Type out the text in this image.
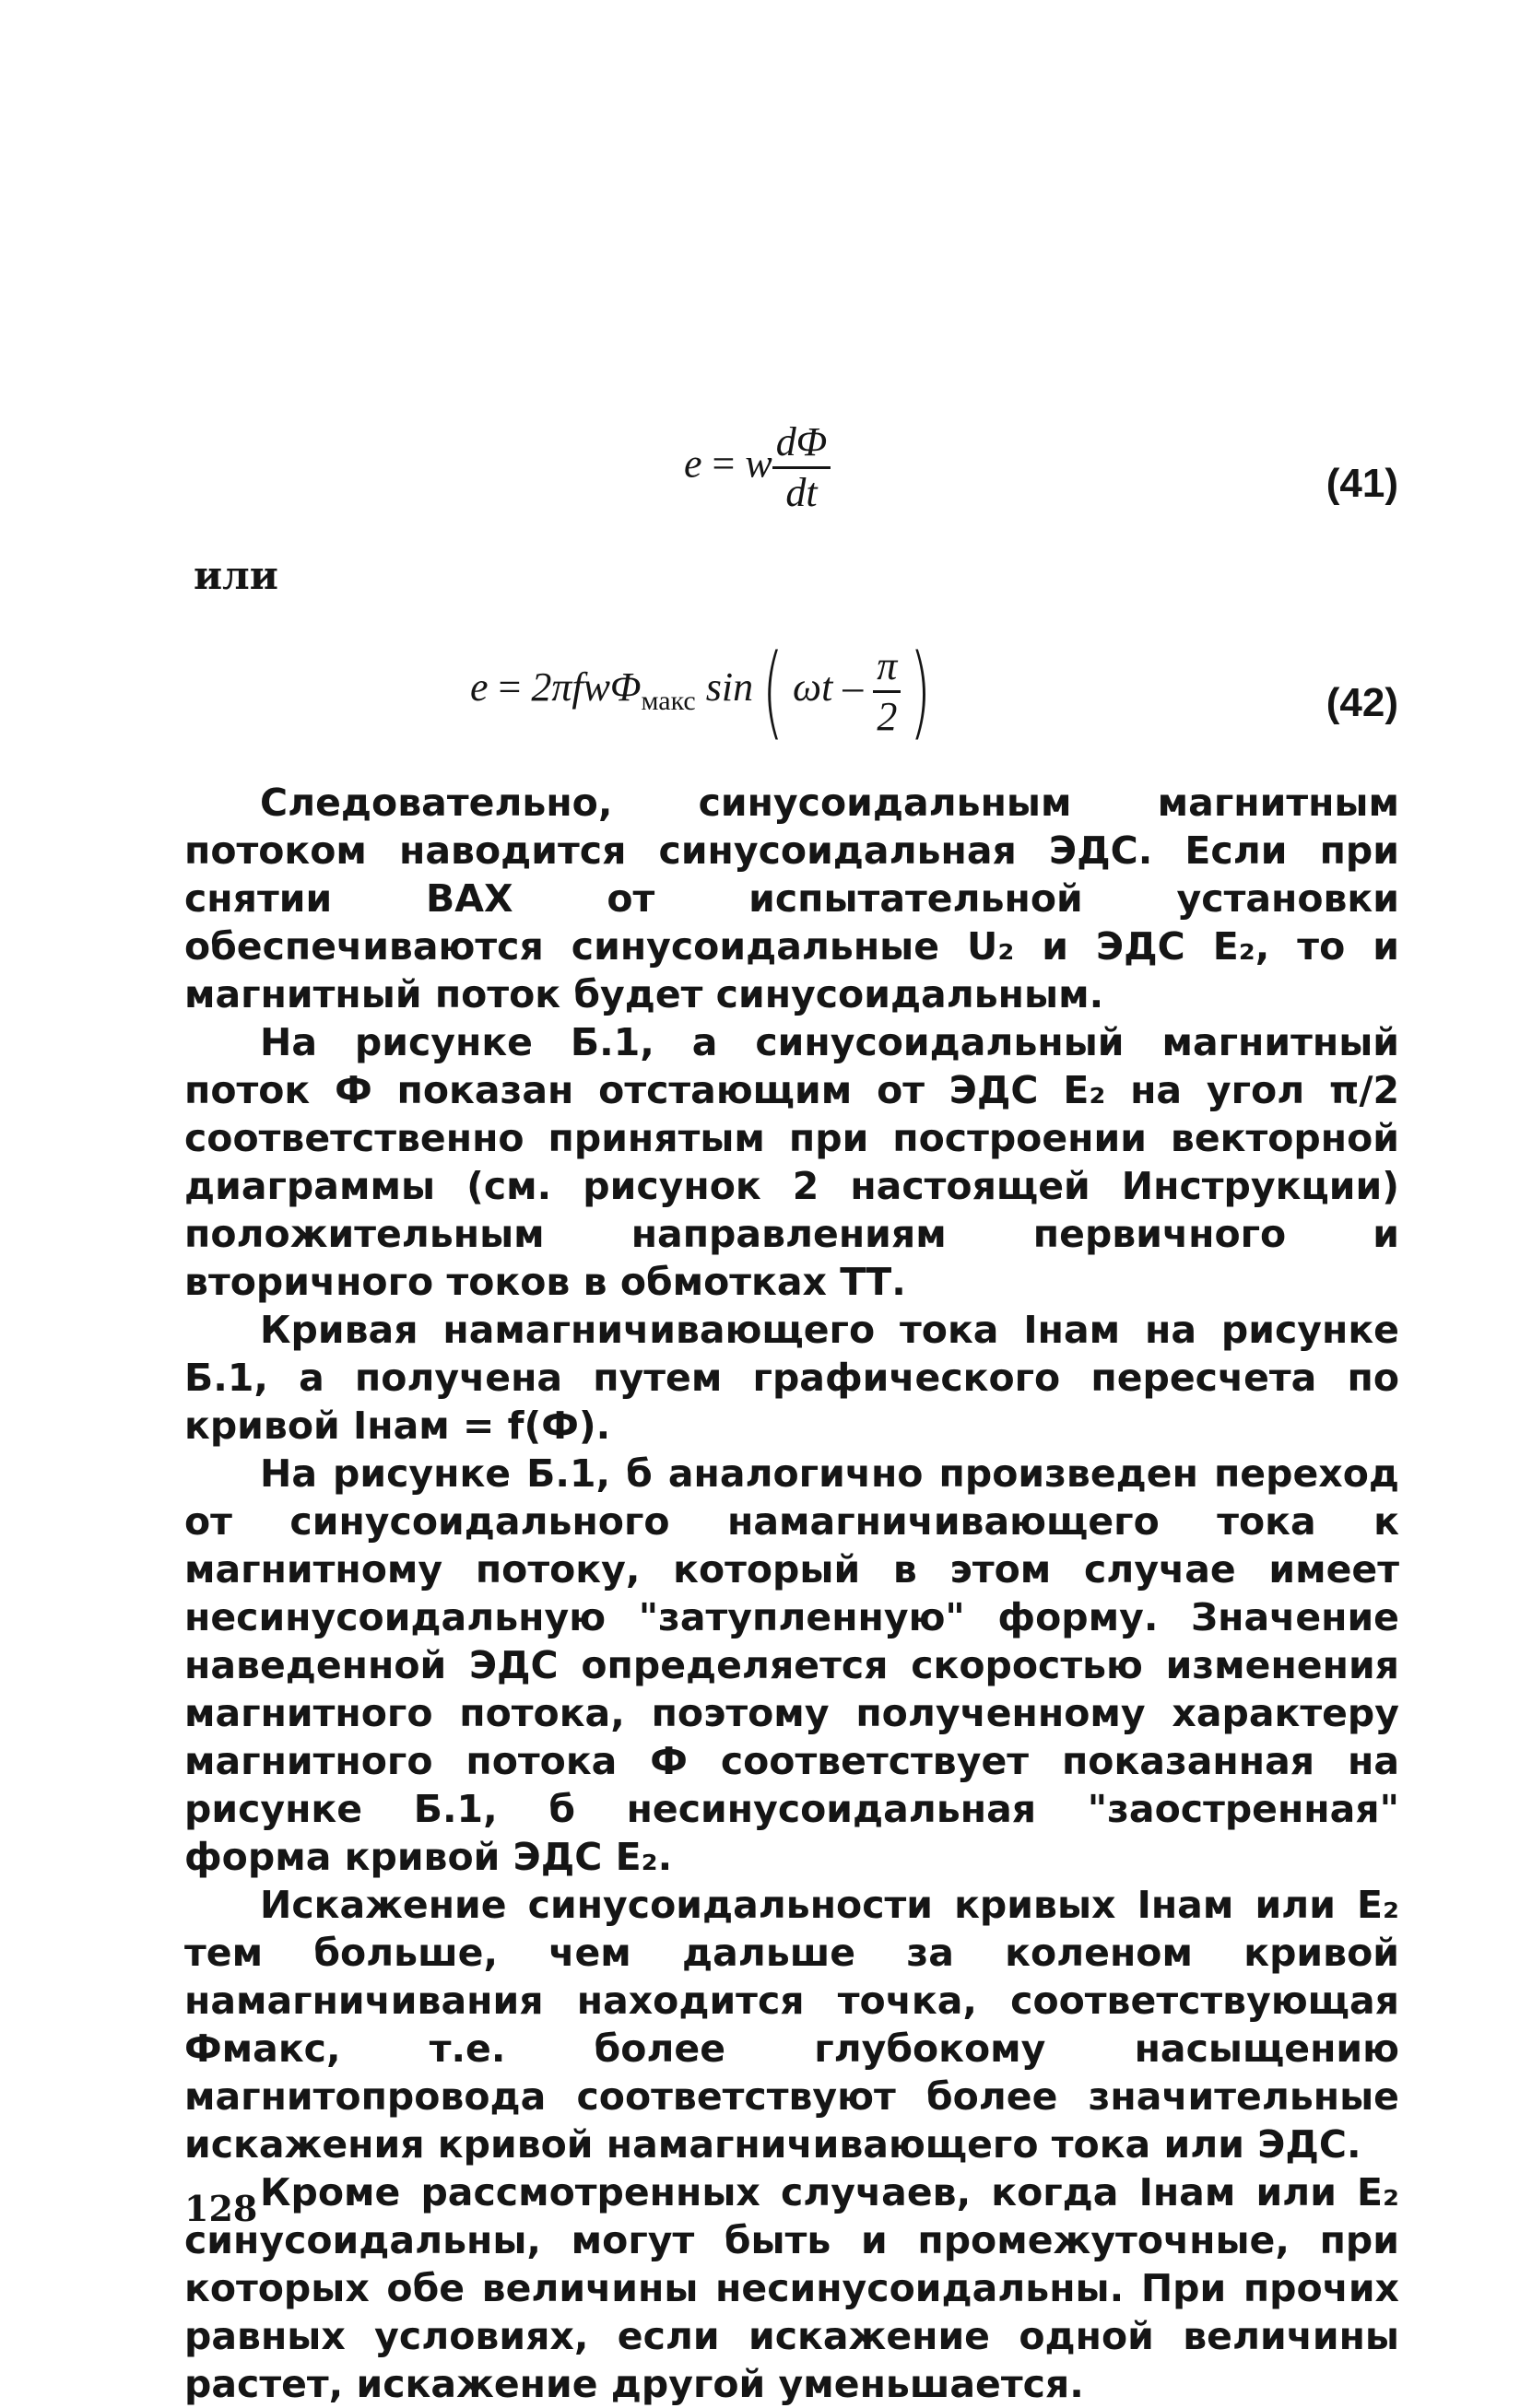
e = w $\frac{d\Phi}{dt}$	(41)
или
e = 2πfwΦ$_{макс}$ sin( ωt – $\frac{\pi}{2}$ )	(42)

Следовательно, синусоидальным магнитным потоком наводится синусоидальная ЭДС. Если при снятии ВАХ от испытательной установки обеспечиваются синусоидальные U₂ и ЭДС E₂, то и магнитный поток будет синусоидальным.

На рисунке Б.1, а синусоидальный магнитный поток Ф показан отстающим от ЭДС E₂ на угол π/2 соответственно принятым при построении векторной диаграммы (см. рисунок 2 настоящей Инструкции) положительным направлениям первичного и вторичного токов в обмотках ТТ.

Кривая намагничивающего тока Iнам на рисунке Б.1, а получена путем графического пересчета по кривой Iнам = f(Ф).

На рисунке Б.1, б аналогично произведен переход от синусоидального намагничивающего тока к магнитному потоку, который в этом случае имеет несинусоидальную "затупленную" форму. Значение наведенной ЭДС определяется скоростью изменения магнитного потока, поэтому полученному характеру магнитного потока Ф соответствует показанная на рисунке Б.1, б несинусоидальная "заостренная" форма кривой ЭДС E₂.

Искажение синусоидальности кривых Iнам или E₂ тем больше, чем дальше за коленом кривой намагничивания находится точка, соответствующая Фмакс, т.е. более глубокому насыщению магнитопровода соответствуют более значительные искажения кривой намагничивающего тока или ЭДС.

Кроме рассмотренных случаев, когда Iнам или E₂ синусоидальны, могут быть и промежуточные, при которых обе величины несинусоидальны. При прочих равных условиях, если искажение одной величины растет, искажение другой уменьшается.

128
